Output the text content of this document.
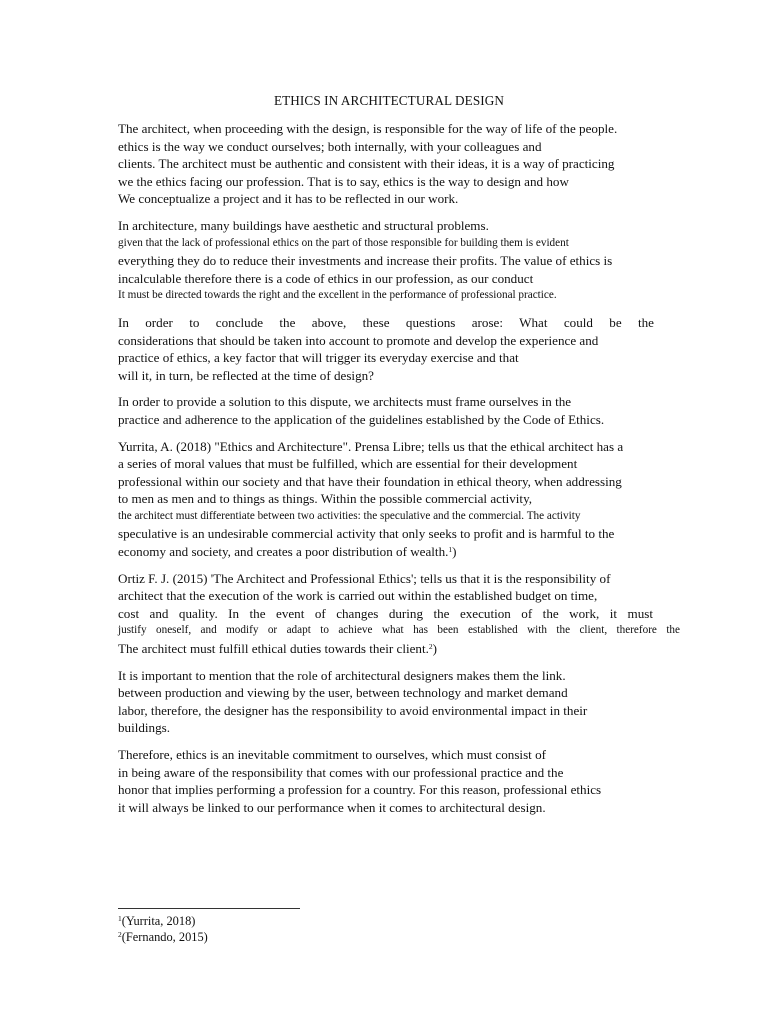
ETHICS IN ARCHITECTURAL DESIGN
The architect, when proceeding with the design, is responsible for the way of life of the people.
ethics is the way we conduct ourselves; both internally, with your colleagues and
clients. The architect must be authentic and consistent with their ideas, it is a way of practicing
we the ethics facing our profession. That is to say, ethics is the way to design and how
We conceptualize a project and it has to be reflected in our work.
In architecture, many buildings have aesthetic and structural problems.
given that the lack of professional ethics on the part of those responsible for building them is evident
everything they do to reduce their investments and increase their profits. The value of ethics is
incalculable therefore there is a code of ethics in our profession, as our conduct
It must be directed towards the right and the excellent in the performance of professional practice.
In order to conclude the above, these questions arose: What could be the
considerations that should be taken into account to promote and develop the experience and
practice of ethics, a key factor that will trigger its everyday exercise and that
will it, in turn, be reflected at the time of design?
In order to provide a solution to this dispute, we architects must frame ourselves in the
practice and adherence to the application of the guidelines established by the Code of Ethics.
Yurrita, A. (2018) "Ethics and Architecture". Prensa Libre; tells us that the ethical architect has a
a series of moral values that must be fulfilled, which are essential for their development
professional within our society and that have their foundation in ethical theory, when addressing
to men as men and to things as things. Within the possible commercial activity,
the architect must differentiate between two activities: the speculative and the commercial. The activity
speculative is an undesirable commercial activity that only seeks to profit and is harmful to the
economy and society, and creates a poor distribution of wealth.$^1$)
Ortiz F. J. (2015) 'The Architect and Professional Ethics'; tells us that it is the responsibility of
architect that the execution of the work is carried out within the established budget on time,
cost and quality. In the event of changes during the execution of the work, it must
justify oneself, and modify or adapt to achieve what has been established with the client, therefore the
The architect must fulfill ethical duties towards their client.$^2$)
It is important to mention that the role of architectural designers makes them the link.
between production and viewing by the user, between technology and market demand
labor, therefore, the designer has the responsibility to avoid environmental impact in their
buildings.
Therefore, ethics is an inevitable commitment to ourselves, which must consist of
in being aware of the responsibility that comes with our professional practice and the
honor that implies performing a profession for a country. For this reason, professional ethics
it will always be linked to our performance when it comes to architectural design.
$^1$(Yurrita, 2018)
$^2$(Fernando, 2015)
